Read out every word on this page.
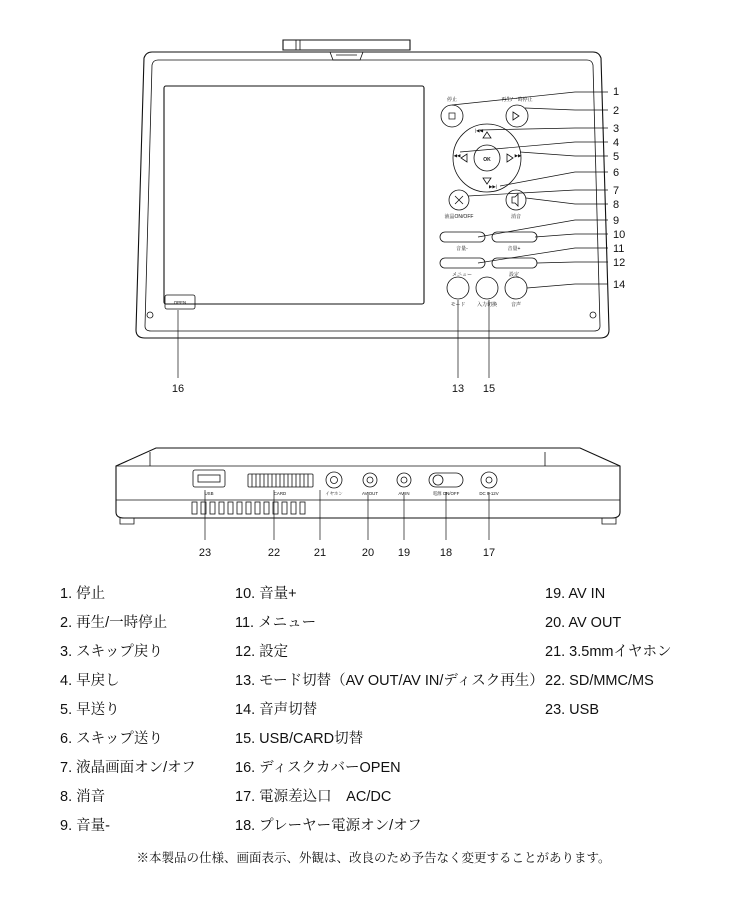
OPEN
停止	再生/一時停止
OK
|◀◀
◀◀	▶▶
▶▶|
液晶ON/OFF	消音
音量-	音量+
メニュー	設定
モード 入力切換	音声
1
2
3
4
5
6
7
8
9
10
11
12
14
16	13 15
USB	CARD	イヤホン	AV OUT	AV IN	電源 ON/OFF	DC 9-12V
23	22	21	20 19	18	17
1. 停止
2. 再生/一時停止
3. スキップ戻り
4. 早戻し
5. 早送り
6. スキップ送り
7. 液晶画面オン/オフ
8. 消音
9. 音量-
10. 音量+
11. メニュー
12. 設定
13. モード切替（AV OUT/AV IN/ディスク再生）
14. 音声切替
15. USB/CARD切替
16. ディスクカバーOPEN
17. 電源差込口　AC/DC
18. プレーヤー電源オン/オフ
19. AV IN
20. AV OUT
21. 3.5mmイヤホン
22. SD/MMC/MS
23. USB
※本製品の仕様、画面表示、外観は、改良のため予告なく変更することがあります。
